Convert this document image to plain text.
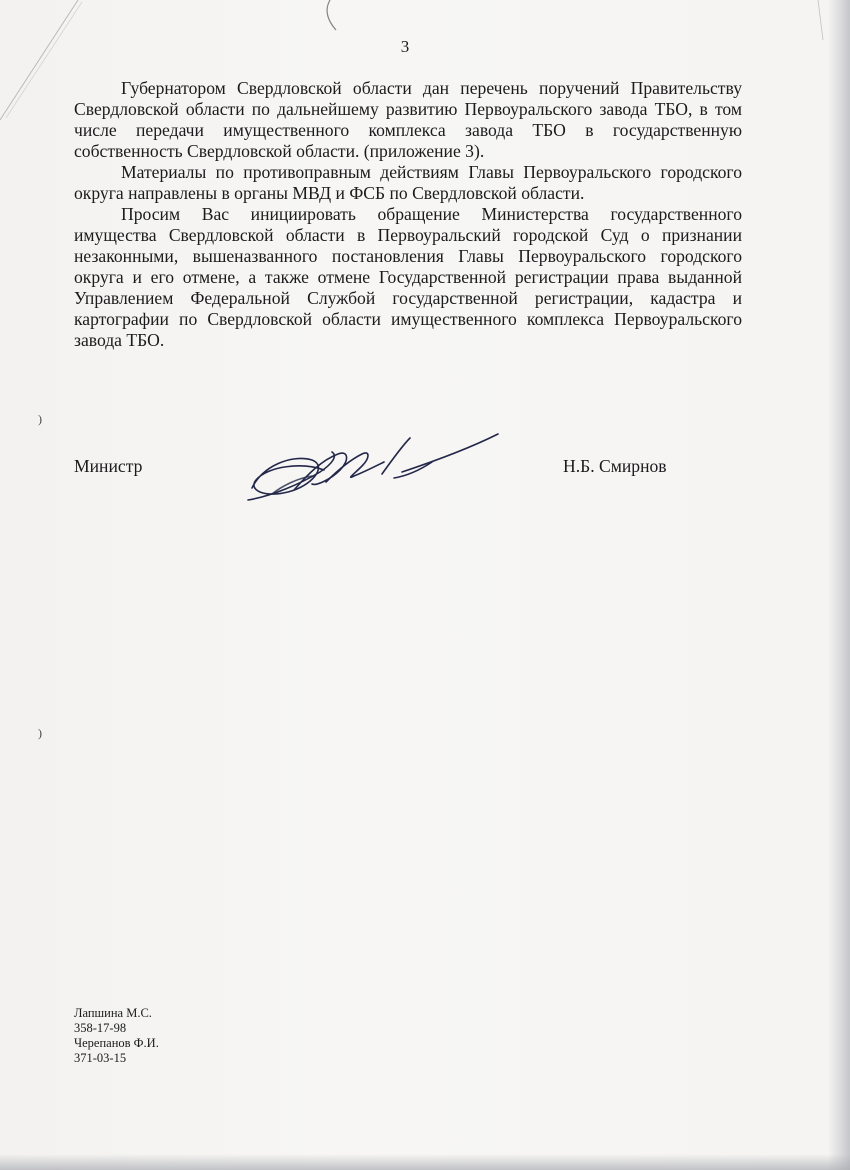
3

Губернатором Свердловской области дан перечень поручений Правительству Свердловской области по дальнейшему развитию Первоуральского завода ТБО, в том числе передачи имущественного комплекса завода ТБО в государственную собственность Свердловской области. (приложение 3).

Материалы по противоправным действиям Главы Первоуральского городского округа направлены в органы МВД и ФСБ по Свердловской области.

Просим Вас инициировать обращение Министерства государственного имущества Свердловской области в Первоуральский городской Суд о признании незаконными, вышеназванного постановления Главы Первоуральского городского округа и его отмене, а также отмене Государственной регистрации права выданной Управлением Федеральной Службой государственной регистрации, кадастра и картографии по Свердловской области имущественного комплекса Первоуральского завода ТБО.

)
)
Министр	Н.Б. Смирнов
Лапшина М.С.
358-17-98
Черепанов Ф.И.
371-03-15
